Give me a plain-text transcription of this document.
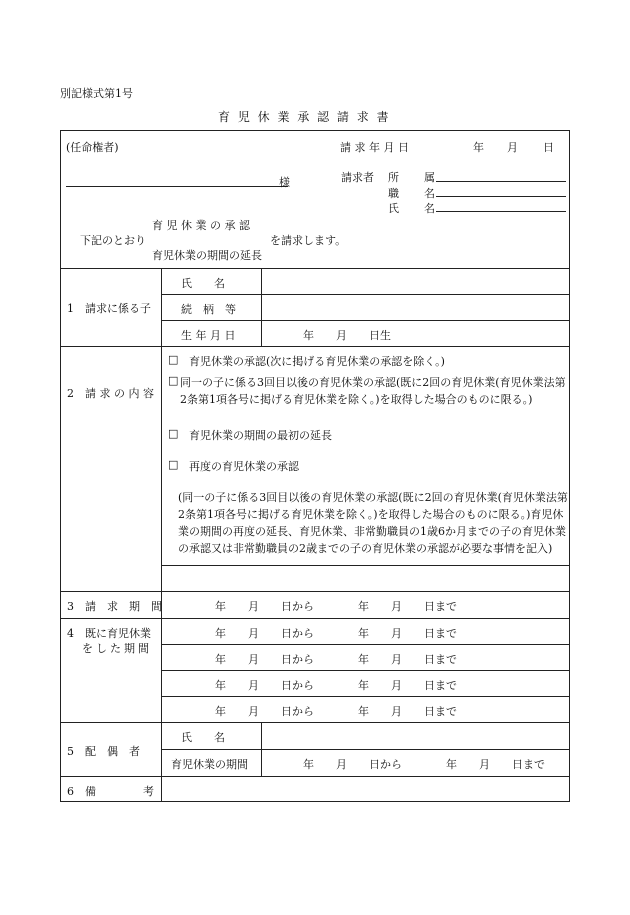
別記様式第1号
育 児 休 業 承 認 請 求 書
(任命権者)	請 求 年 月 日	年 月 日
様	請求者 所 属
職 名
氏 名
育 児 休 業 の 承 認
下記のとおり	を請求します。
育児休業の期間の延長
1　請求に係る子
氏　　名
続　柄　等
生 年 月 日	年　　月　　日生
2　請 求 の 内 容
□ 育児休業の承認(次に掲げる育児休業の承認を除く。)
□ 同一の子に係る3回目以後の育児休業の承認(既に2回の育児休業(育児休業法第2条第1項各号に掲げる育児休業を除く。)を取得した場合のものに限る。)
□ 育児休業の期間の最初の延長
□ 再度の育児休業の承認
(同一の子に係る3回目以後の育児休業の承認(既に2回の育児休業(育児休業法第2条第1項各号に掲げる育児休業を除く。)を取得した場合のものに限る。)育児休業の期間の再度の延長、育児休業、非常勤職員の1歳6か月までの子の育児休業の承認又は非常勤職員の2歳までの子の育児休業の承認が必要な事情を記入)
3　請　求　期　間	年　　月　　日から　　　　年　　月　　日まで
4　既に育児休業
をした期間
年　　月　　日から　　　　年　　月　　日まで
年　　月　　日から　　　　年　　月　　日まで
年　　月　　日から　　　　年　　月　　日まで
年　　月　　日から　　　　年　　月　　日まで
5　配　偶　者
氏　　名
育児休業の期間	年　　月　　日から　　　　年　　月　　日まで
6　備	考
